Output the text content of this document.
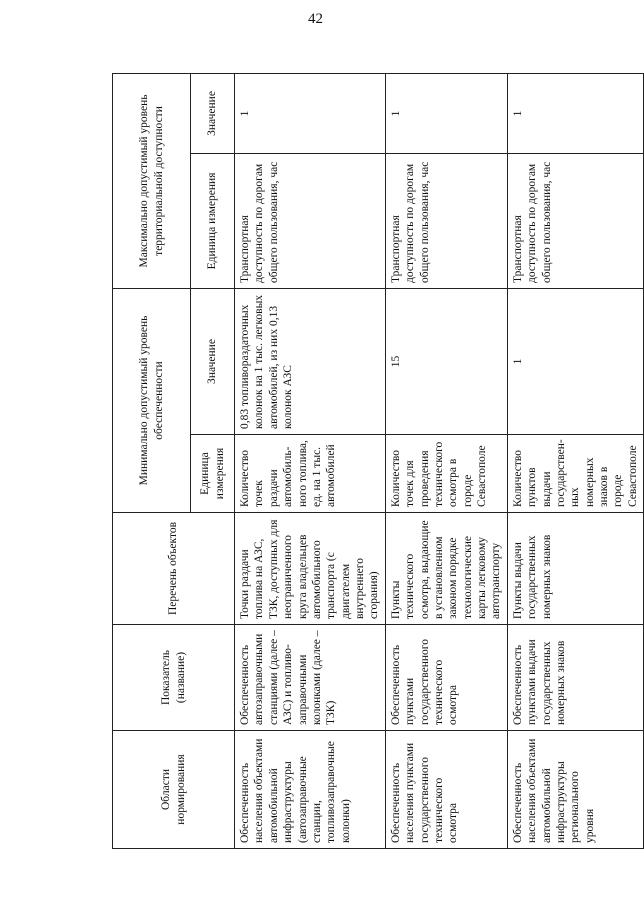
42
Области нормирования	Показатель (название)	Перечень объектов	Минимально допустимый уровень обеспеченности		Максимально допустимый уровень территориальной доступности	
			Единица измерения	Значение	Единица измерения	Значение
Обеспеченность населения объектами автомобильной инфраструктуры (автозаправочные станции, топливозаправочные колонки)	Обеспеченность автозаправочными станциями (далее – АЗС) и топливо-заправочными колонками (далее – ТЗК)	Точки раздачи топлива на АЗС, ТЗК, доступных для неограниченного круга владельцев автомобильного транспорта (с двигателем внутреннего сгорания)	Количество точек раздачи автомобиль-ного топлива, ед. на 1 тыс. автомобилей	0,83 топливораздаточных колонок на 1 тыс. легковых автомобилей, из них 0,13 колонок АЗС	Транспортная доступность по дорогам общего пользования, час	1
Обеспеченность населения пунктами государственного технического осмотра	Обеспеченность пунктами государственного технического осмотра	Пункты технического осмотра, выдающие в установленном законом порядке технологические карты легковому автотранспорту	Количество точек для проведения технического осмотра в городе Севастополе	15	Транспортная доступность по дорогам общего пользования, час	1
Обеспеченность населения объектами автомобильной инфраструктуры регионального уровня	Обеспеченность пунктами выдачи государственных номерных знаков	Пункты выдачи государственных номерных знаков	Количество пунктов выдачи государствен-ных номерных знаков в городе Севастополе	1	Транспортная доступность по дорогам общего пользования, час	1
